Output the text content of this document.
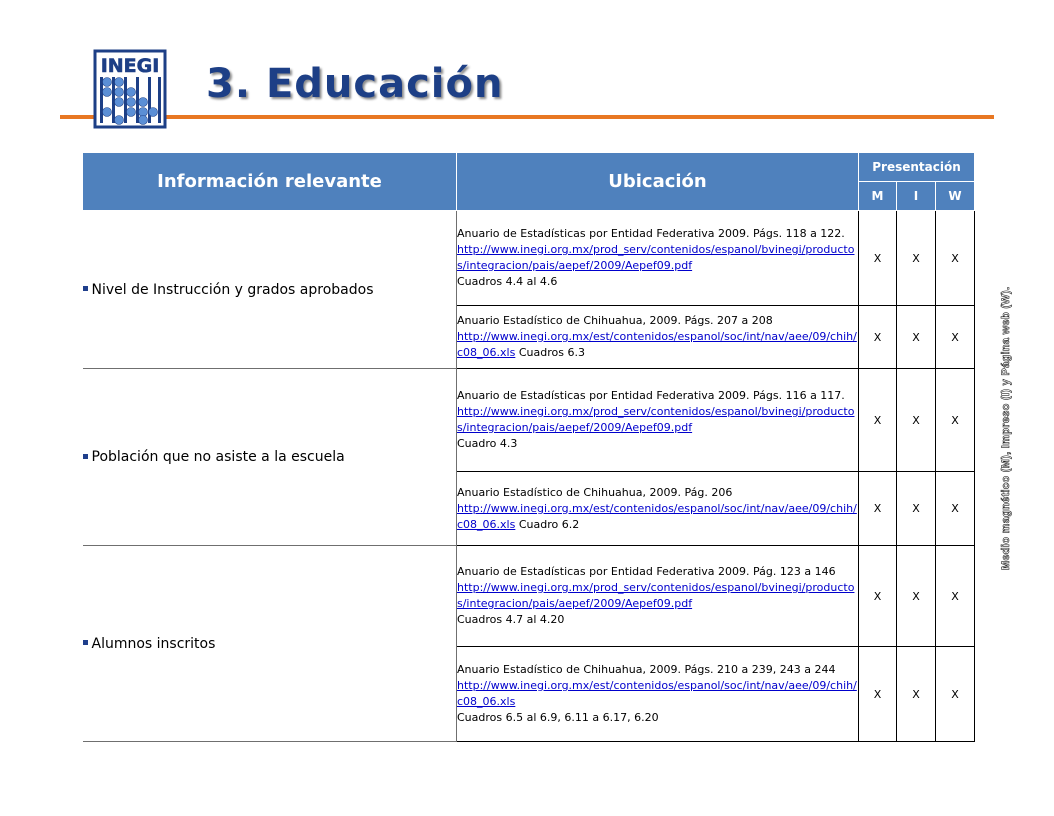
INEGI 3. Educación
Información relevante	Ubicación	Presentación		
		M	I	W
Nivel de Instrucción y grados aprobados	Anuario de Estadísticas por Entidad Federativa 2009. Págs. 118 a 122.
http://www.inegi.org.mx/prod_serv/contenidos/espanol/bvinegi/productos/integracion/pais/aepef/2009/Aepef09.pdf
Cuadros 4.4 al 4.6	X	X	X
	Anuario Estadístico de Chihuahua, 2009. Págs. 207 a 208
http://www.inegi.org.mx/est/contenidos/espanol/soc/int/nav/aee/09/chih/c08_06.xls Cuadros 6.3	X	X	X
Población que no asiste a la escuela	Anuario de Estadísticas por Entidad Federativa 2009. Págs. 116 a 117.
http://www.inegi.org.mx/prod_serv/contenidos/espanol/bvinegi/productos/integracion/pais/aepef/2009/Aepef09.pdf
Cuadro 4.3	X	X	X
	Anuario Estadístico de Chihuahua, 2009. Pág. 206
http://www.inegi.org.mx/est/contenidos/espanol/soc/int/nav/aee/09/chih/c08_06.xls Cuadro 6.2	X	X	X
Alumnos inscritos	Anuario de Estadísticas por Entidad Federativa 2009. Pág. 123 a 146
http://www.inegi.org.mx/prod_serv/contenidos/espanol/bvinegi/productos/integracion/pais/aepef/2009/Aepef09.pdf
Cuadros 4.7 al 4.20	X	X	X

	Anuario Estadístico de Chihuahua, 2009. Págs. 210 a 239, 243 a 244
http://www.inegi.org.mx/est/contenidos/espanol/soc/int/nav/aee/09/chih/c08_06.xls
Cuadros 6.5 al 6.9, 6.11 a 6.17, 6.20	X	X	X
Medio magnético (M), Impreso (I) y Página web (W).
